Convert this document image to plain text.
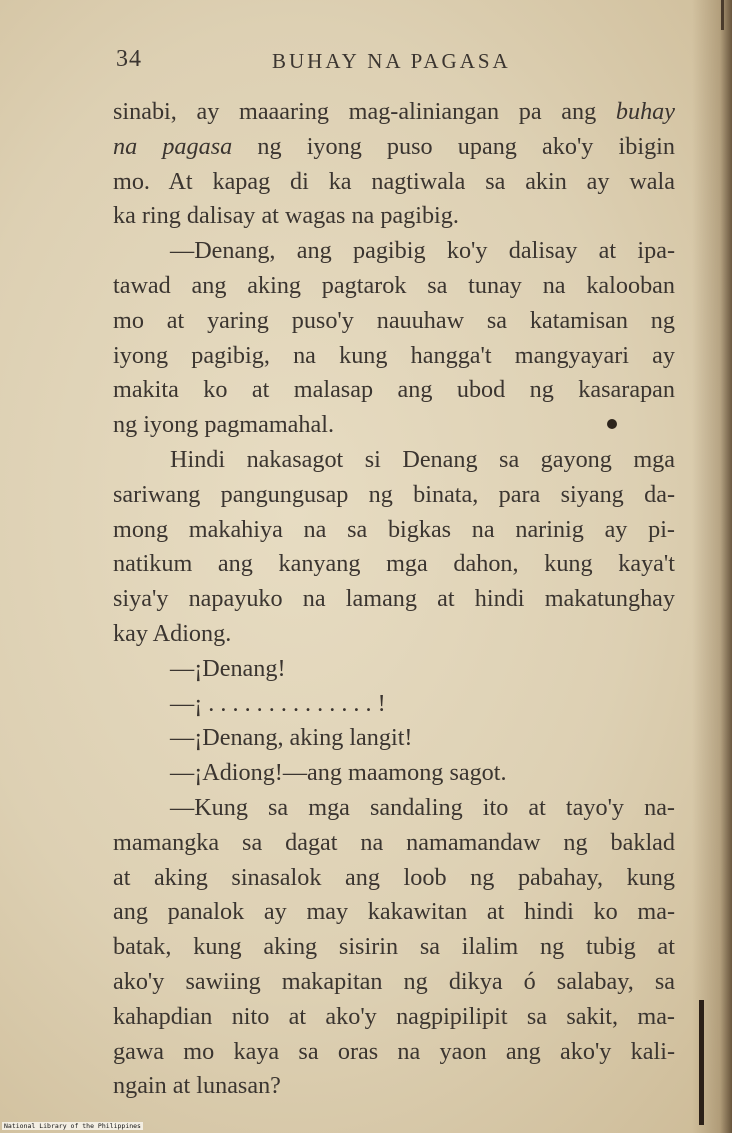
34	BUHAY NA PAGASA

sinabi, ay maaaring mag-aliniangan pa ang buhay

na pagasa ng iyong puso upang ako'y ibigin

mo. At kapag di ka nagtiwala sa akin ay wala

ka ring dalisay at wagas na pagibig.

—Denang, ang pagibig ko'y dalisay at ipa-

tawad ang aking pagtarok sa tunay na kalooban

mo at yaring puso'y nauuhaw sa katamisan ng

iyong pagibig, na kung hangga't mangyayari ay

makita ko at malasap ang ubod ng kasarapan

ng iyong pagmamahal.

Hindi nakasagot si Denang sa gayong mga

sariwang pangungusap ng binata, para siyang da-

mong makahiya na sa bigkas na narinig ay pi-

natikum ang kanyang mga dahon, kung kaya't

siya'y napayuko na lamang at hindi makatunghay

kay Adiong.

—¡Denang!

—¡ . . . . . . . . . . . . . . !

—¡Denang, aking langit!

—¡Adiong!—ang maamong sagot.

—Kung sa mga sandaling ito at tayo'y na-

mamangka sa dagat na namamandaw ng baklad

at aking sinasalok ang loob ng pabahay, kung

ang panalok ay may kakawitan at hindi ko ma-

batak, kung aking sisirin sa ilalim ng tubig at

ako'y sawiing makapitan ng dikya ó salabay, sa

kahapdian nito at ako'y nagpipilipit sa sakit, ma-

gawa mo kaya sa oras na yaon ang ako'y kali-

ngain at lunasan?

National Library of the Philippines
